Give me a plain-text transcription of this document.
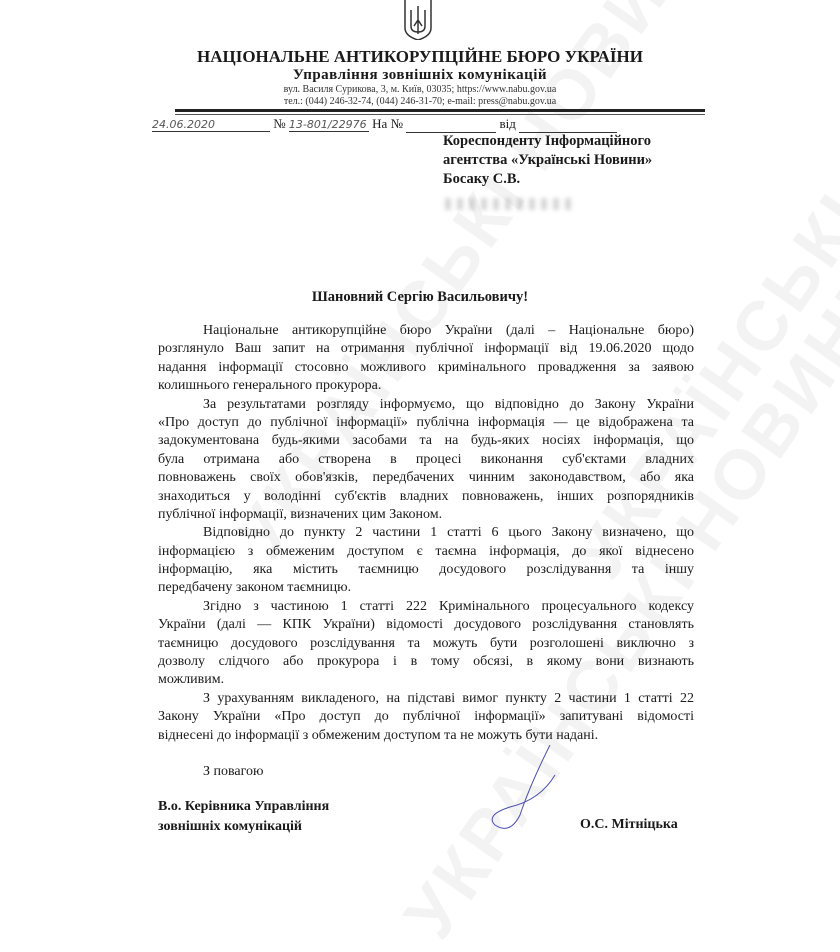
НАЦІОНАЛЬНЕ АНТИКОРУПЦІЙНЕ БЮРО УКРАЇНИ
Управління зовнішніх комунікацій
вул. Василя Сурикова, 3, м. Київ, 03035; https://www.nabu.gov.ua
тел.: (044) 246-32-74, (044) 246-31-70; e-mail: press@nabu.gov.ua
24.06.2020	№ 13-801/22976 На №	від
Кореспонденту Інформаційного
агентства «Українські Новини»
Босаку С.В.
Шановний Сергію Васильовичу!
Національне антикорупційне бюро України (далі – Національне бюро)
розглянуло Ваш запит на отримання публічної інформації від 19.06.2020 щодо
надання інформації стосовно можливого кримінального провадження за заявою
колишнього генерального прокурора.
За результатами розгляду інформуємо, що відповідно до Закону України
«Про доступ до публічної інформації» публічна інформація — це відображена та
задокументована будь-якими засобами та на будь-яких носіях інформація, що
була отримана або створена в процесі виконання суб'єктами владних
повноважень своїх обов'язків, передбачених чинним законодавством, або яка
знаходиться у володінні суб'єктів владних повноважень, інших розпорядників
публічної інформації, визначених цим Законом.
Відповідно до пункту 2 частини 1 статті 6 цього Закону визначено, що
інформацією з обмеженим доступом є таємна інформація, до якої віднесено
інформацію, яка містить таємницю досудового розслідування та іншу
передбачену законом таємницю.
Згідно з частиною 1 статті 222 Кримінального процесуального кодексу
України (далі — КПК України) відомості досудового розслідування становлять
таємницю досудового розслідування та можуть бути розголошені виключно з
дозволу слідчого або прокурора і в тому обсязі, в якому вони визнають
можливим.
З урахуванням викладеного, на підставі вимог пункту 2 частини 1 статті 22
Закону України «Про доступ до публічної інформації» запитувані відомості
віднесені до інформації з обмеженим доступом та не можуть бути надані.
З повагою
В.о. Керівника Управління
зовнішніх комунікацій	О.С. Мітніцька
